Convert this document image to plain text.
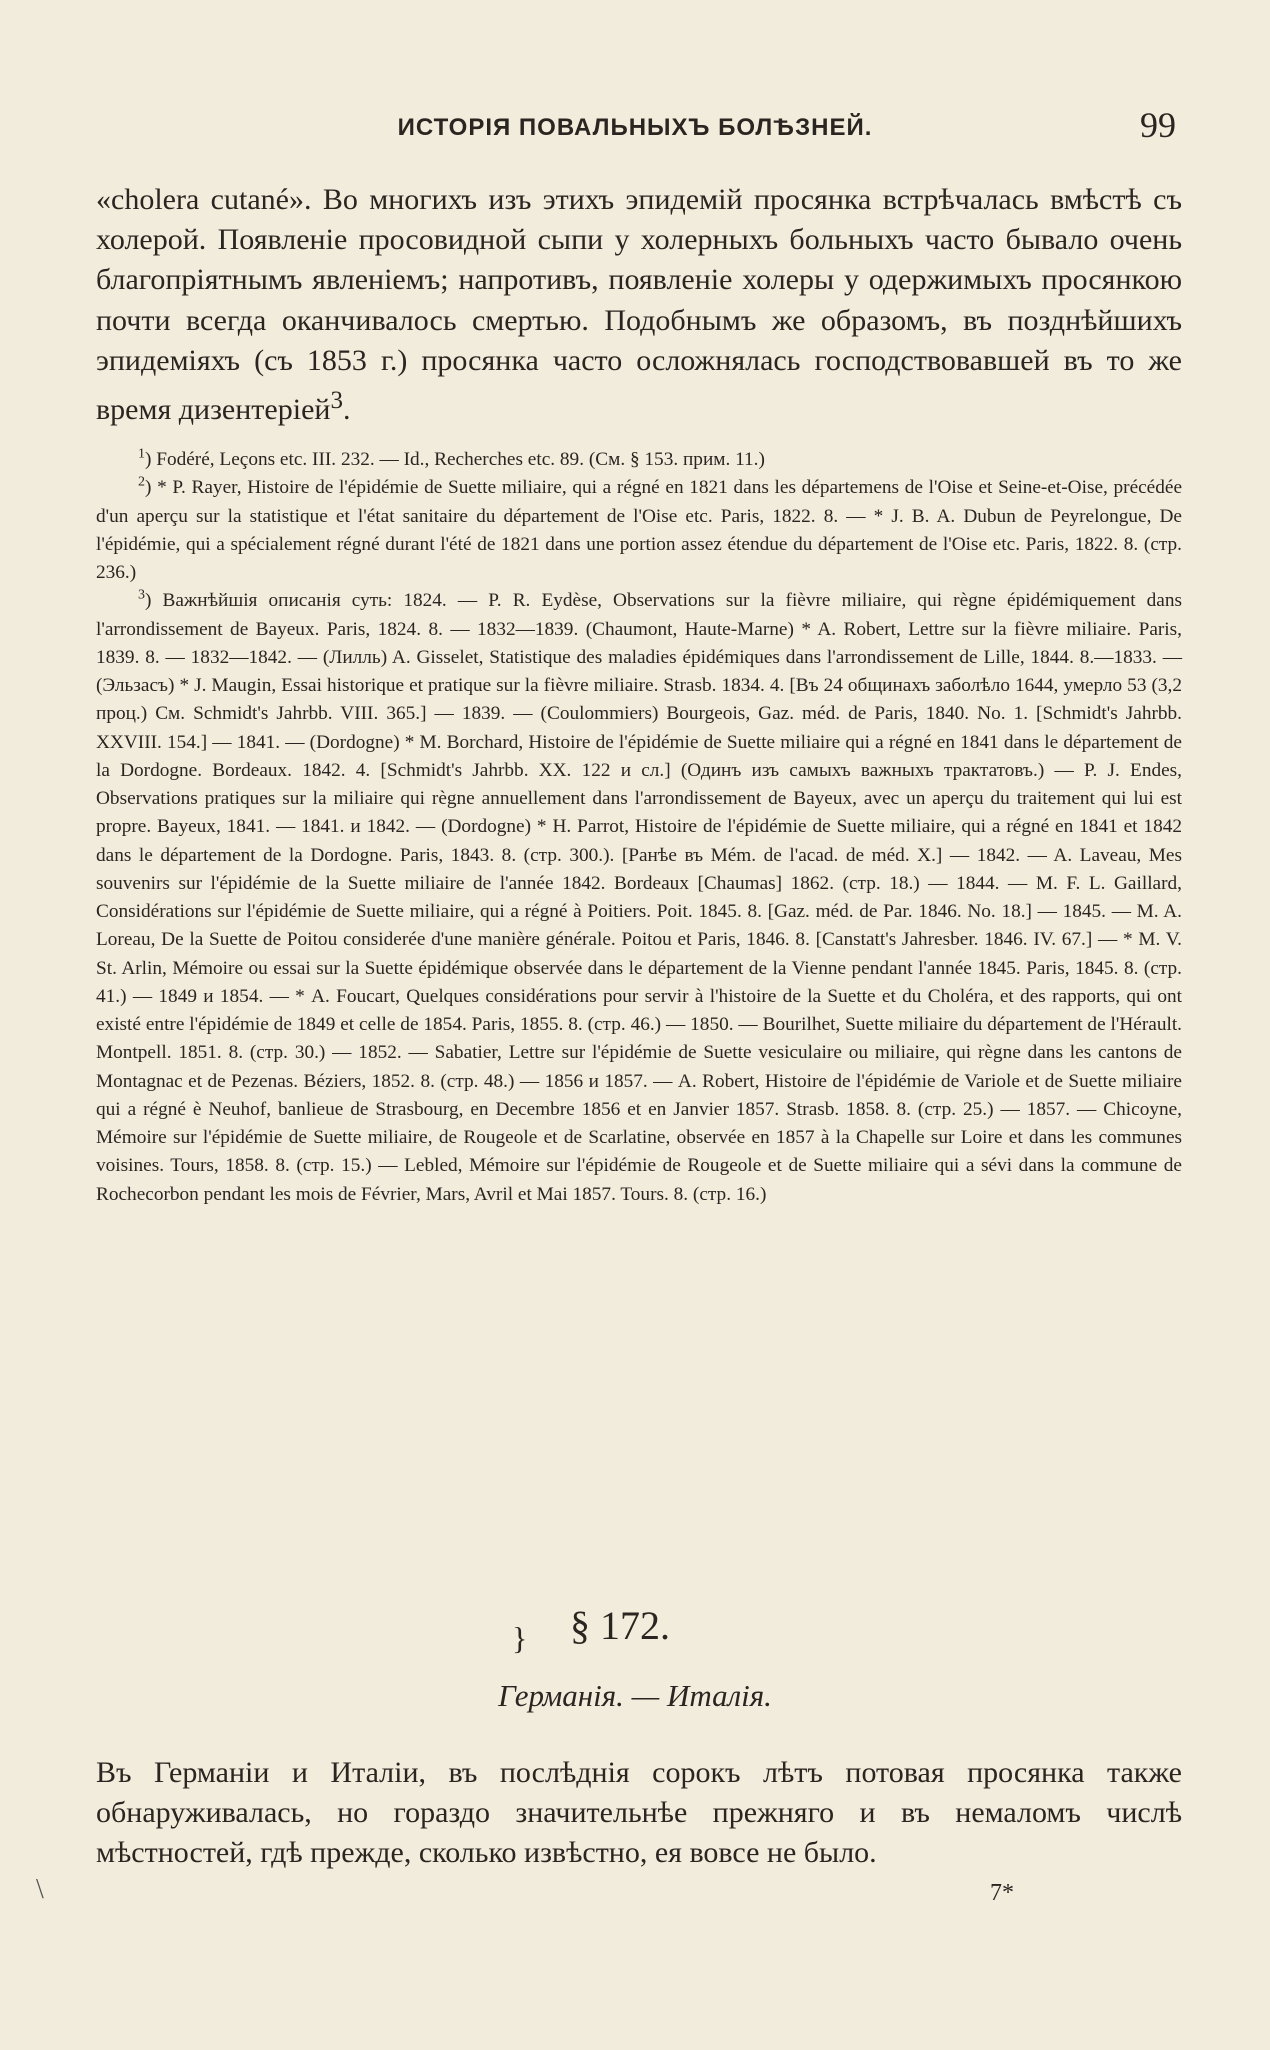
ИСТОРІЯ ПОВАЛЬНЫХЪ БОЛѢЗНЕЙ.	99

«cholera cutané». Во многихъ изъ этихъ эпидемій просянка встрѣчалась вмѣстѣ съ холерой. Появленіе просовидной сыпи у холерныхъ больныхъ часто бывало очень благопріятнымъ явленіемъ; напротивъ, появленіе холеры у одержимыхъ просянкою почти всегда оканчивалось смертью. Подобнымъ же образомъ, въ позднѣйшихъ эпидеміяхъ (съ 1853 г.) просянка часто осложнялась господствовавшей въ то же время дизентеріей$^3$.

$^1$) Fodéré, Leçons etc. III. 232. — Id., Recherches etc. 89. (См. § 153. прим. 11.)

$^2$) * P. Rayer, Histoire de l'épidémie de Suette miliaire, qui a régné en 1821 dans les départemens de l'Oise et Seine-et-Oise, précédée d'un aperçu sur la statistique et l'état sanitaire du département de l'Oise etc. Paris, 1822. 8. — * J. B. A. Dubun de Peyrelongue, De l'épidémie, qui a spécialement régné durant l'été de 1821 dans une portion assez étendue du département de l'Oise etc. Paris, 1822. 8. (стр. 236.)

$^3$) Важнѣйшія описанія суть: 1824. — P. R. Eydèse, Observations sur la fièvre miliaire, qui règne épidémiquement dans l'arrondissement de Bayeux. Paris, 1824. 8. — 1832—1839. (Chaumont, Haute-Marne) * A. Robert, Lettre sur la fièvre miliaire. Paris, 1839. 8. — 1832—1842. — (Лилль) A. Gisselet, Statistique des maladies épidémiques dans l'arrondissement de Lille, 1844. 8.—1833. — (Эльзасъ) * J. Maugin, Essai historique et pratique sur la fièvre miliaire. Strasb. 1834. 4. [Въ 24 общинахъ заболѣло 1644, умерло 53 (3,2 проц.) См. Schmidt's Jahrbb. VIII. 365.] — 1839. — (Coulommiers) Bourgeois, Gaz. méd. de Paris, 1840. No. 1. [Schmidt's Jahrbb. XXVIII. 154.] — 1841. — (Dordogne) * M. Borchard, Histoire de l'épidémie de Suette miliaire qui a régné en 1841 dans le département de la Dordogne. Bordeaux. 1842. 4. [Schmidt's Jahrbb. XX. 122 и сл.] (Одинъ изъ самыхъ важныхъ трактатовъ.) — P. J. Endes, Observations pratiques sur la miliaire qui règne annuellement dans l'arrondissement de Bayeux, avec un aperçu du traitement qui lui est propre. Bayeux, 1841. — 1841. и 1842. — (Dordogne) * H. Parrot, Histoire de l'épidémie de Suette miliaire, qui a régné en 1841 et 1842 dans le département de la Dordogne. Paris, 1843. 8. (стр. 300.). [Ранѣе въ Mém. de l'acad. de méd. X.] — 1842. — A. Laveau, Mes souvenirs sur l'épidémie de la Suette miliaire de l'année 1842. Bordeaux [Chaumas] 1862. (стр. 18.) — 1844. — M. F. L. Gaillard, Considérations sur l'épidémie de Suette miliaire, qui a régné à Poitiers. Poit. 1845. 8. [Gaz. méd. de Par. 1846. No. 18.] — 1845. — M. A. Loreau, De la Suette de Poitou considerée d'une manière générale. Poitou et Paris, 1846. 8. [Canstatt's Jahresber. 1846. IV. 67.] — * M. V. St. Arlin, Mémoire ou essai sur la Suette épidémique observée dans le département de la Vienne pendant l'année 1845. Paris, 1845. 8. (стр. 41.) — 1849 и 1854. — * A. Foucart, Quelques considérations pour servir à l'histoire de la Suette et du Choléra, et des rapports, qui ont existé entre l'épidémie de 1849 et celle de 1854. Paris, 1855. 8. (стр. 46.) — 1850. — Bourilhet, Suette miliaire du département de l'Hérault. Montpell. 1851. 8. (стр. 30.) — 1852. — Sabatier, Lettre sur l'épidémie de Suette vesiculaire ou miliaire, qui règne dans les cantons de Montagnac et de Pezenas. Béziers, 1852. 8. (стр. 48.) — 1856 и 1857. — A. Robert, Histoire de l'épidémie de Variole et de Suette miliaire qui a régné è Neuhof, banlieue de Strasbourg, en Decembre 1856 et en Janvier 1857. Strasb. 1858. 8. (стр. 25.) — 1857. — Chicoyne, Mémoire sur l'épidémie de Suette miliaire, de Rougeole et de Scarlatine, observée en 1857 à la Chapelle sur Loire et dans les communes voisines. Tours, 1858. 8. (стр. 15.) — Lebled, Mémoire sur l'épidémie de Rougeole et de Suette miliaire qui a sévi dans la commune de Rochecorbon pendant les mois de Février, Mars, Avril et Mai 1857. Tours. 8. (стр. 16.)

} § 172.
Германія. — Италія.

Въ Германіи и Италіи, въ послѣднія сорокъ лѣтъ потовая просянка также обнаруживалась, но гораздо значительнѣе прежняго и въ немаломъ числѣ мѣстностей, гдѣ прежде, сколько извѣстно, ея вовсе не было.

\	7*
